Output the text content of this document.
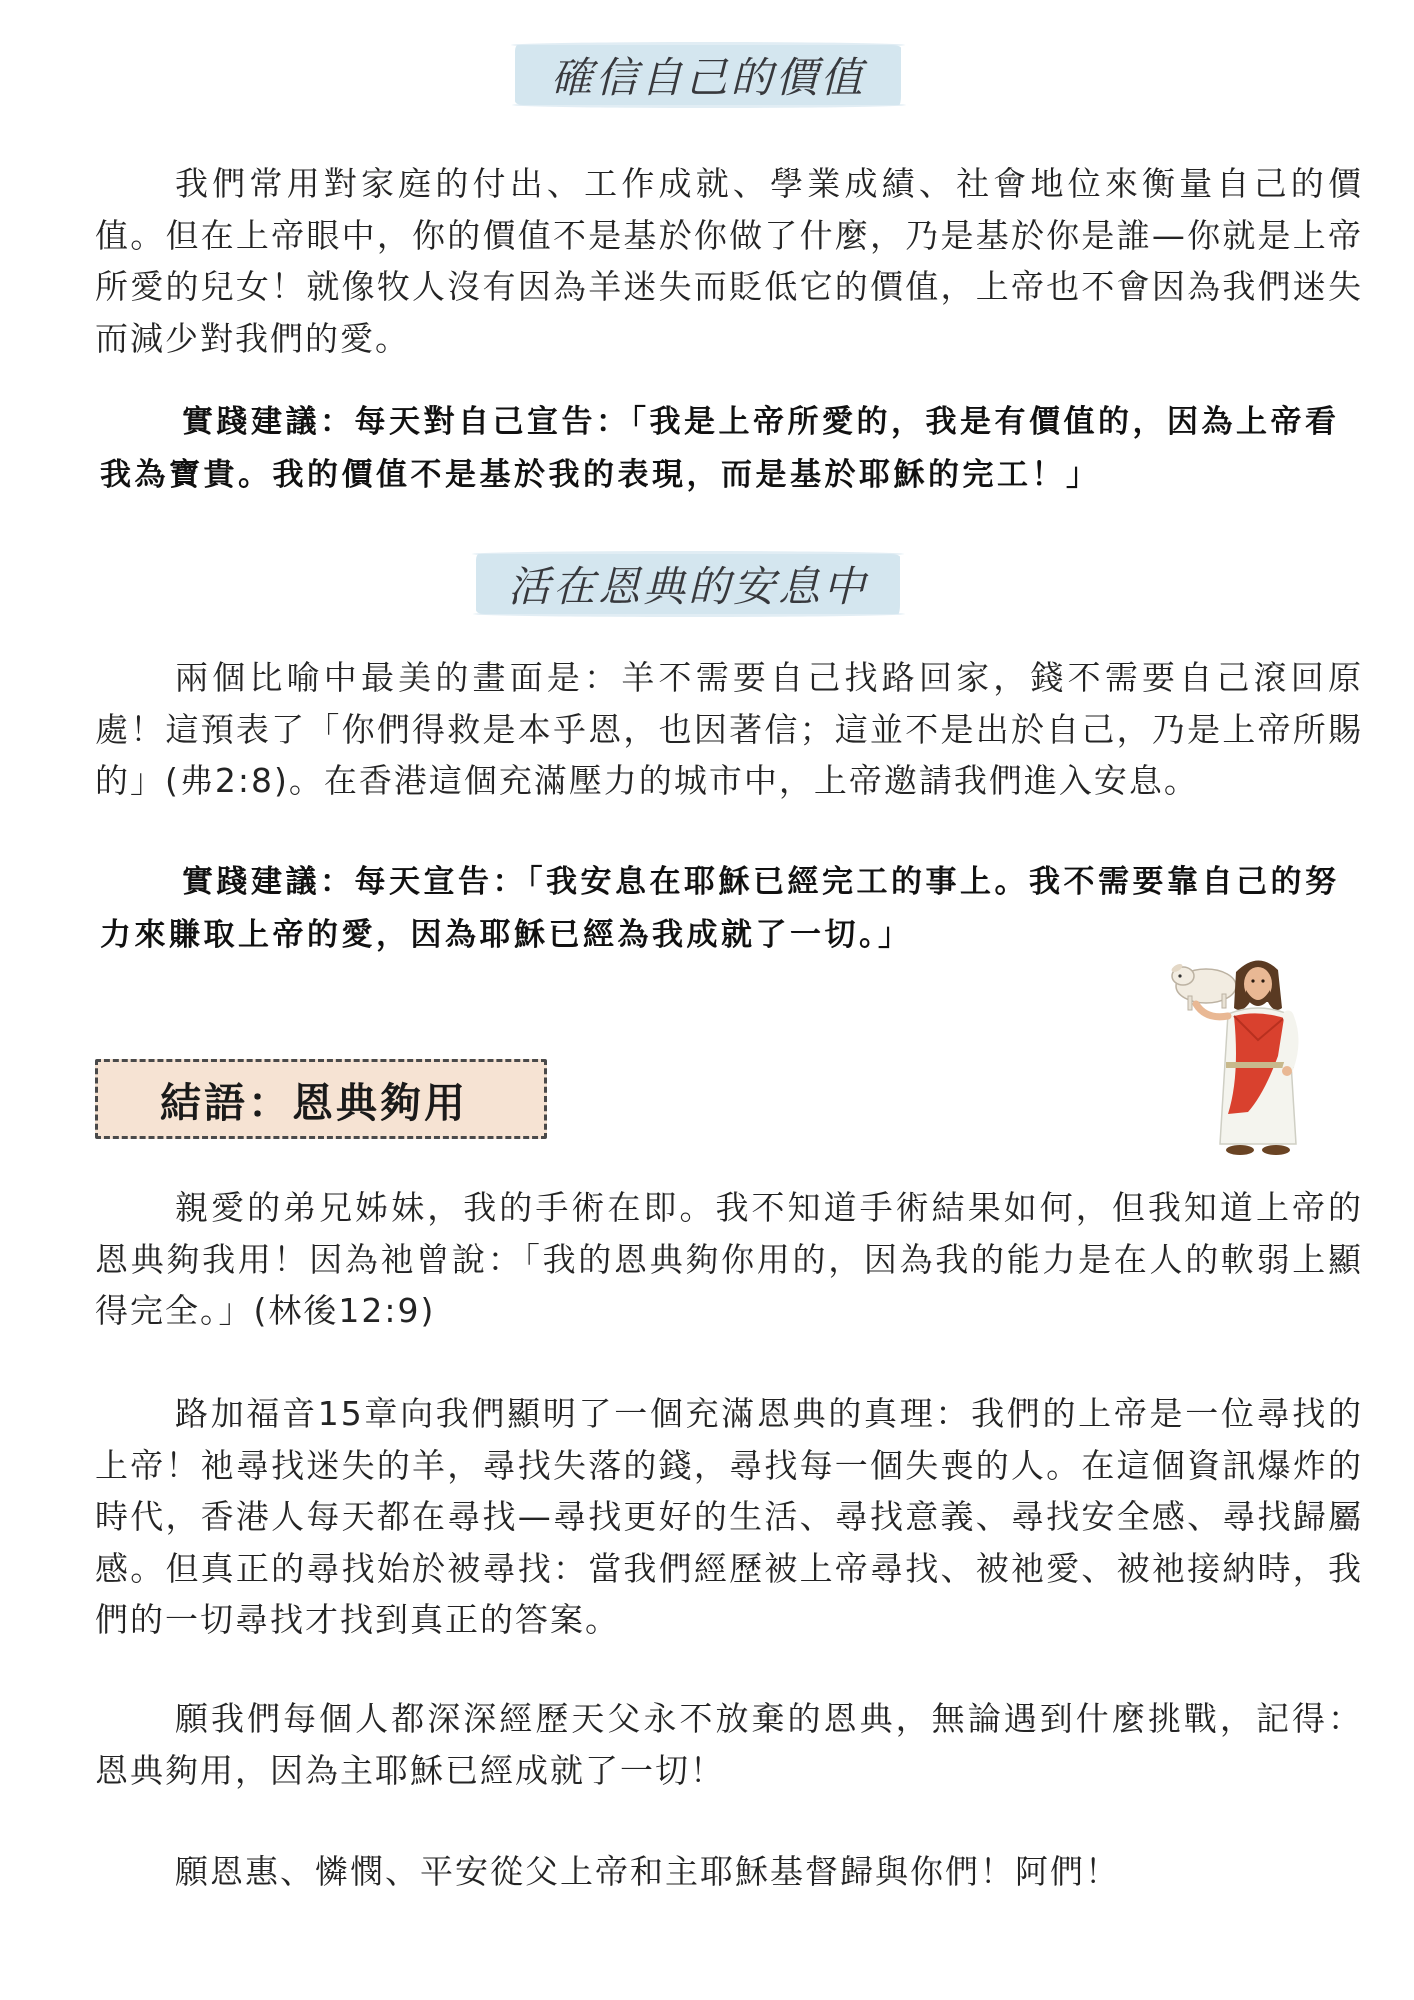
確信自己的價值

我們常用對家庭的付出、工作成就、學業成績、社會地位來衡量自己的價值。但在上帝眼中，你的價值不是基於你做了什麼，乃是基於你是誰—你就是上帝所愛的兒女！就像牧人沒有因為羊迷失而貶低它的價值，上帝也不會因為我們迷失而減少對我們的愛。

實踐建議：每天對自己宣告：「我是上帝所愛的，我是有價值的，因為上帝看我為寶貴。我的價值不是基於我的表現，而是基於耶穌的完工！」

活在恩典的安息中

兩個比喻中最美的畫面是：羊不需要自己找路回家，錢不需要自己滾回原處！這預表了「你們得救是本乎恩，也因著信；這並不是出於自己，乃是上帝所賜的」(弗2:8)。在香港這個充滿壓力的城市中，上帝邀請我們進入安息。

實踐建議：每天宣告：「我安息在耶穌已經完工的事上。我不需要靠自己的努力來賺取上帝的愛，因為耶穌已經為我成就了一切。」

結語：恩典夠用

親愛的弟兄姊妹，我的手術在即。我不知道手術結果如何，但我知道上帝的恩典夠我用！因為祂曾說：「我的恩典夠你用的，因為我的能力是在人的軟弱上顯得完全。」(林後12:9)

路加福音15章向我們顯明了一個充滿恩典的真理：我們的上帝是一位尋找的上帝！祂尋找迷失的羊，尋找失落的錢，尋找每一個失喪的人。在這個資訊爆炸的時代，香港人每天都在尋找—尋找更好的生活、尋找意義、尋找安全感、尋找歸屬感。但真正的尋找始於被尋找：當我們經歷被上帝尋找、被祂愛、被祂接納時，我們的一切尋找才找到真正的答案。

願我們每個人都深深經歷天父永不放棄的恩典，無論遇到什麼挑戰，記得：恩典夠用，因為主耶穌已經成就了一切！

願恩惠、憐憫、平安從父上帝和主耶穌基督歸與你們！阿們！
